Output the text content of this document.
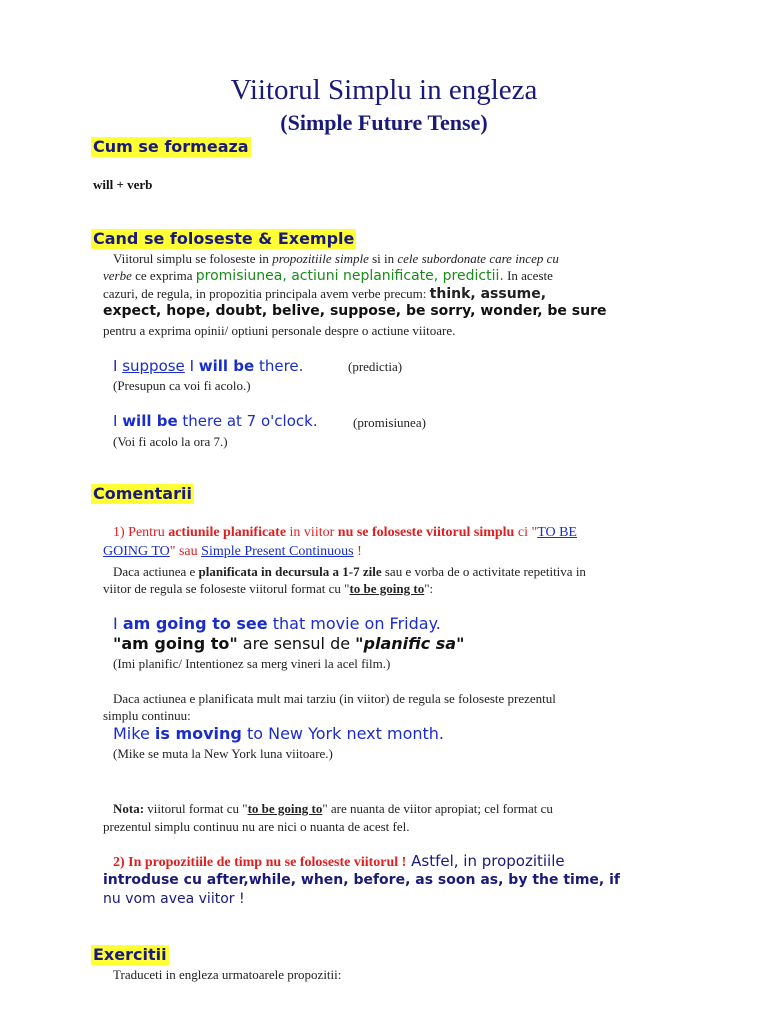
Viitorul Simplu in engleza
(Simple Future Tense)
Cum se formeaza
will + verb
Cand se foloseste & Exemple
Viitorul simplu se foloseste in propozitiile simple si in cele subordonate care incep cu
verbe ce exprima promisiunea, actiuni neplanificate, predictii. In aceste
cazuri, de regula, in propozitia principala avem verbe precum: think, assume,
expect, hope, doubt, belive, suppose, be sorry, wonder, be sure
pentru a exprima opinii/ optiuni personale despre o actiune viitoare.
I suppose I will be there.	(predictia)
(Presupun ca voi fi acolo.)
I will be there at 7 o'clock.	(promisiunea)
(Voi fi acolo la ora 7.)
Comentarii
1) Pentru actiunile planificate in viitor nu se foloseste viitorul simplu ci "TO BE
GOING TO" sau Simple Present Continuous !
Daca actiunea e planificata in decursula a 1-7 zile sau e vorba de o activitate repetitiva in
viitor de regula se foloseste viitorul format cu "to be going to":
I am going to see that movie on Friday.
"am going to" are sensul de "planific sa"
(Imi planific/ Intentionez sa merg vineri la acel film.)
Daca actiunea e planificata mult mai tarziu (in viitor) de regula se foloseste prezentul
simplu continuu:
Mike is moving to New York next month.
(Mike se muta la New York luna viitoare.)
Nota: viitorul format cu "to be going to" are nuanta de viitor apropiat; cel format cu
prezentul simplu continuu nu are nici o nuanta de acest fel.
2) In propozitiile de timp nu se foloseste viitorul ! Astfel, in propozitiile
introduse cu after,while, when, before, as soon as, by the time, if
nu vom avea viitor !
Exercitii
Traduceti in engleza urmatoarele propozitii:
